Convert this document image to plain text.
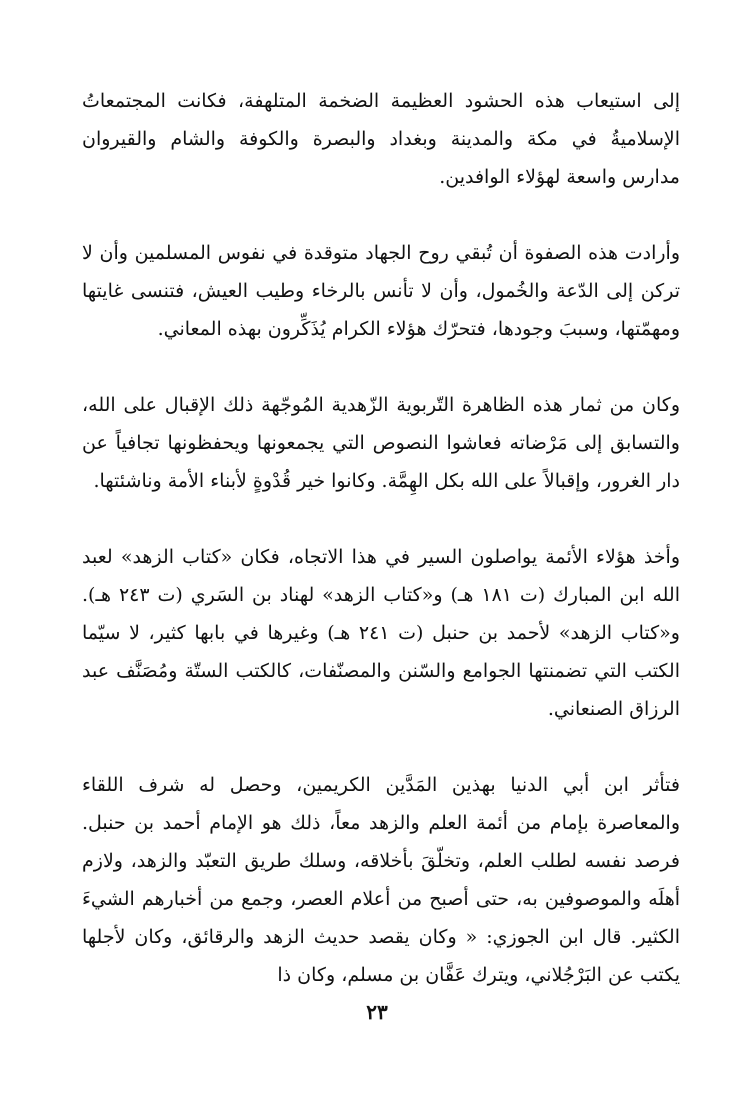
إلى استيعاب هذه الحشود العظيمة الضخمة المتلهفة، فكانت المجتمعاتُ الإسلاميةُ في مكة والمدينة وبغداد والبصرة والكوفة والشام والقيروان مدارس واسعة لهؤلاء الوافدين.

وأرادت هذه الصفوة أن تُبقي روح الجهاد متوقدة في نفوس المسلمين وأن لا تركن إلى الدّعة والخُمول، وأن لا تأنس بالرخاء وطيب العيش، فتنسى غايتها ومهمّتها، وسببَ وجودها، فتحرّك هؤلاء الكرام يُذَكِّرون بهذه المعاني.

وكان من ثمار هذه الظاهرة التّربوية الزّهدية المُوجّهة ذلك الإقبال على الله، والتسابق إلى مَرْضاته فعاشوا النصوص التي يجمعونها ويحفظونها تجافياً عن دار الغرور، وإقبالاً على الله بكل الهِمَّة. وكانوا خير قُدْوةٍ لأبناء الأمة وناشئتها.

وأخذ هؤلاء الأئمة يواصلون السير في هذا الاتجاه، فكان «كتاب الزهد» لعبد الله ابن المبارك (ت ١٨١ هـ) و«كتاب الزهد» لهناد بن السَري (ت ٢٤٣ هـ). و«كتاب الزهد» لأحمد بن حنبل (ت ٢٤١ هـ) وغيرها في بابها كثير، لا سيّما الكتب التي تضمنتها الجوامع والسّنن والمصنّفات، كالكتب الستّة ومُصَنَّف عبد الرزاق الصنعاني.

فتأثر ابن أبي الدنيا بهذين المَدَّين الكريمين، وحصل له شرف اللقاء والمعاصرة بإمام من أئمة العلم والزهد معاً، ذلك هو الإمام أحمد بن حنبل. فرصد نفسه لطلب العلم، وتخلّقَ بأخلاقه، وسلك طريق التعبّد والزهد، ولازم أهلَه والموصوفين به، حتى أصبح من أعلام العصر، وجمع من أخبارهم الشيءَ الكثير. قال ابن الجوزي: « وكان يقصد حديث الزهد والرقائق، وكان لأجلها يكتب عن البَرْجُلاني، ويترك عَفَّان بن مسلم، وكان ذا

٢٣
